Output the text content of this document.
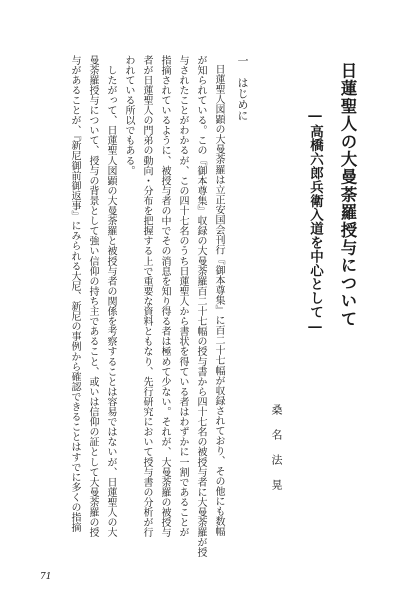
日蓮聖人の大曼荼羅授与について
―高橋六郎兵衛入道を中心として―
桑名法晃
一　はじめに
日蓮聖人図顕の大曼荼羅は立正安国会刊行『御本尊集』に百二十七幅が収録されており、その他にも数幅
が知られている。この『御本尊集』収録の大曼荼羅百二十七幅の授与書から四十七名の被授与者に大曼荼羅が授
与されたことがわかるが、この四十七名のうち日蓮聖人から書状を得ている者はわずかに一割であることが
指摘されているように、被授与者の中でその消息を知り得る者は極めて少ない。それが、大曼荼羅の被授与
者が日蓮聖人の門弟の動向・分布を把握する上で重要な資料ともなり、先行研究において授与書の分析が行
われている所以でもある。
　したがって、日蓮聖人図顕の大曼荼羅と被授与者の関係を考察することは容易ではないが、日蓮聖人の大
曼荼羅授与について、授与の背景として強い信仰の持ち主であること、或いは信仰の証として大曼荼羅の授
与があることが、『新尼御前御返事』にみられる大尼、新尼の事例から確認できることはすでに多くの指摘
71
